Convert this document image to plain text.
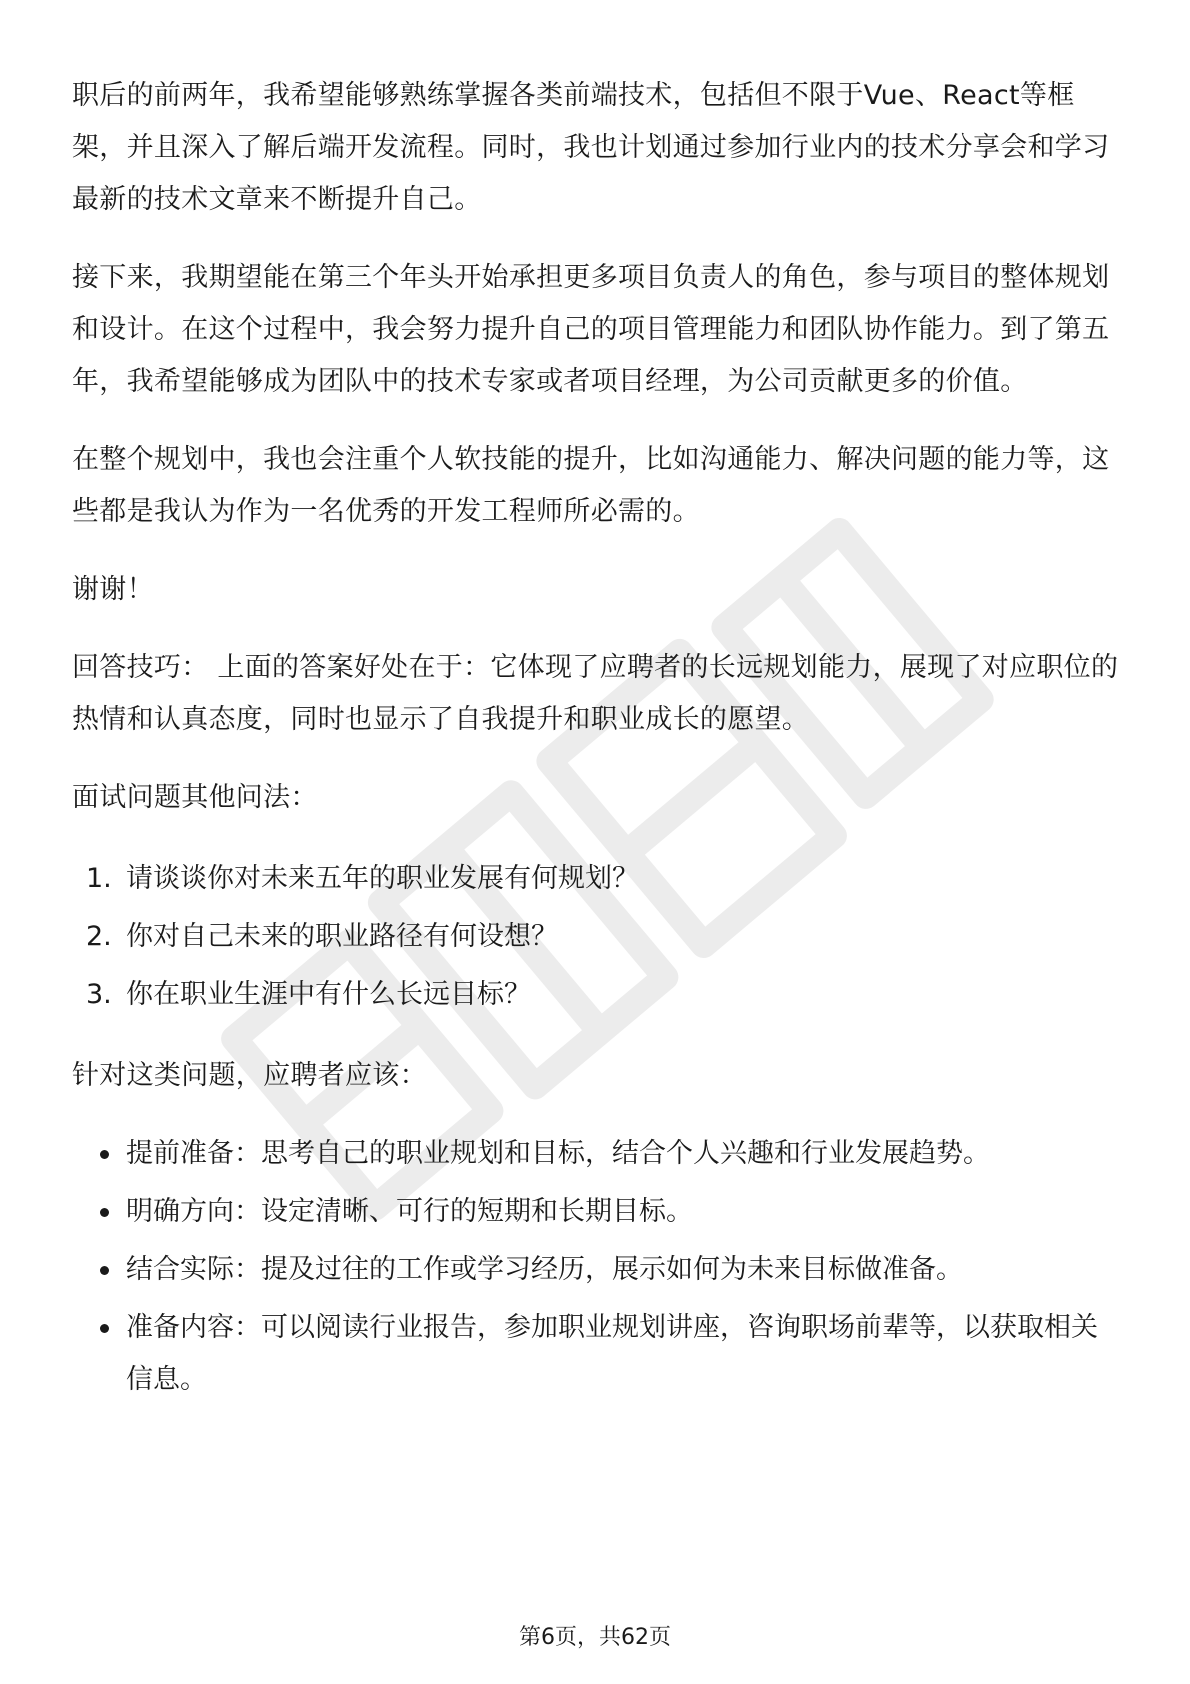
职后的前两年，我希望能够熟练掌握各类前端技术，包括但不限于Vue、React等框架，并且深入了解后端开发流程。同时，我也计划通过参加行业内的技术分享会和学习最新的技术文章来不断提升自己。

接下来，我期望能在第三个年头开始承担更多项目负责人的角色，参与项目的整体规划和设计。在这个过程中，我会努力提升自己的项目管理能力和团队协作能力。到了第五年，我希望能够成为团队中的技术专家或者项目经理，为公司贡献更多的价值。

在整个规划中，我也会注重个人软技能的提升，比如沟通能力、解决问题的能力等，这些都是我认为作为一名优秀的开发工程师所必需的。

谢谢！

回答技巧： 上面的答案好处在于：它体现了应聘者的长远规划能力，展现了对应职位的热情和认真态度，同时也显示了自我提升和职业成长的愿望。

面试问题其他问法：

1. 请谈谈你对未来五年的职业发展有何规划？
2. 你对自己未来的职业路径有何设想？
3. 你在职业生涯中有什么长远目标？

针对这类问题，应聘者应该：

提前准备：思考自己的职业规划和目标，结合个人兴趣和行业发展趋势。
明确方向：设定清晰、可行的短期和长期目标。
结合实际：提及过往的工作或学习经历，展示如何为未来目标做准备。
准备内容：可以阅读行业报告，参加职业规划讲座，咨询职场前辈等，以获取相关信息。
第6页，共62页
